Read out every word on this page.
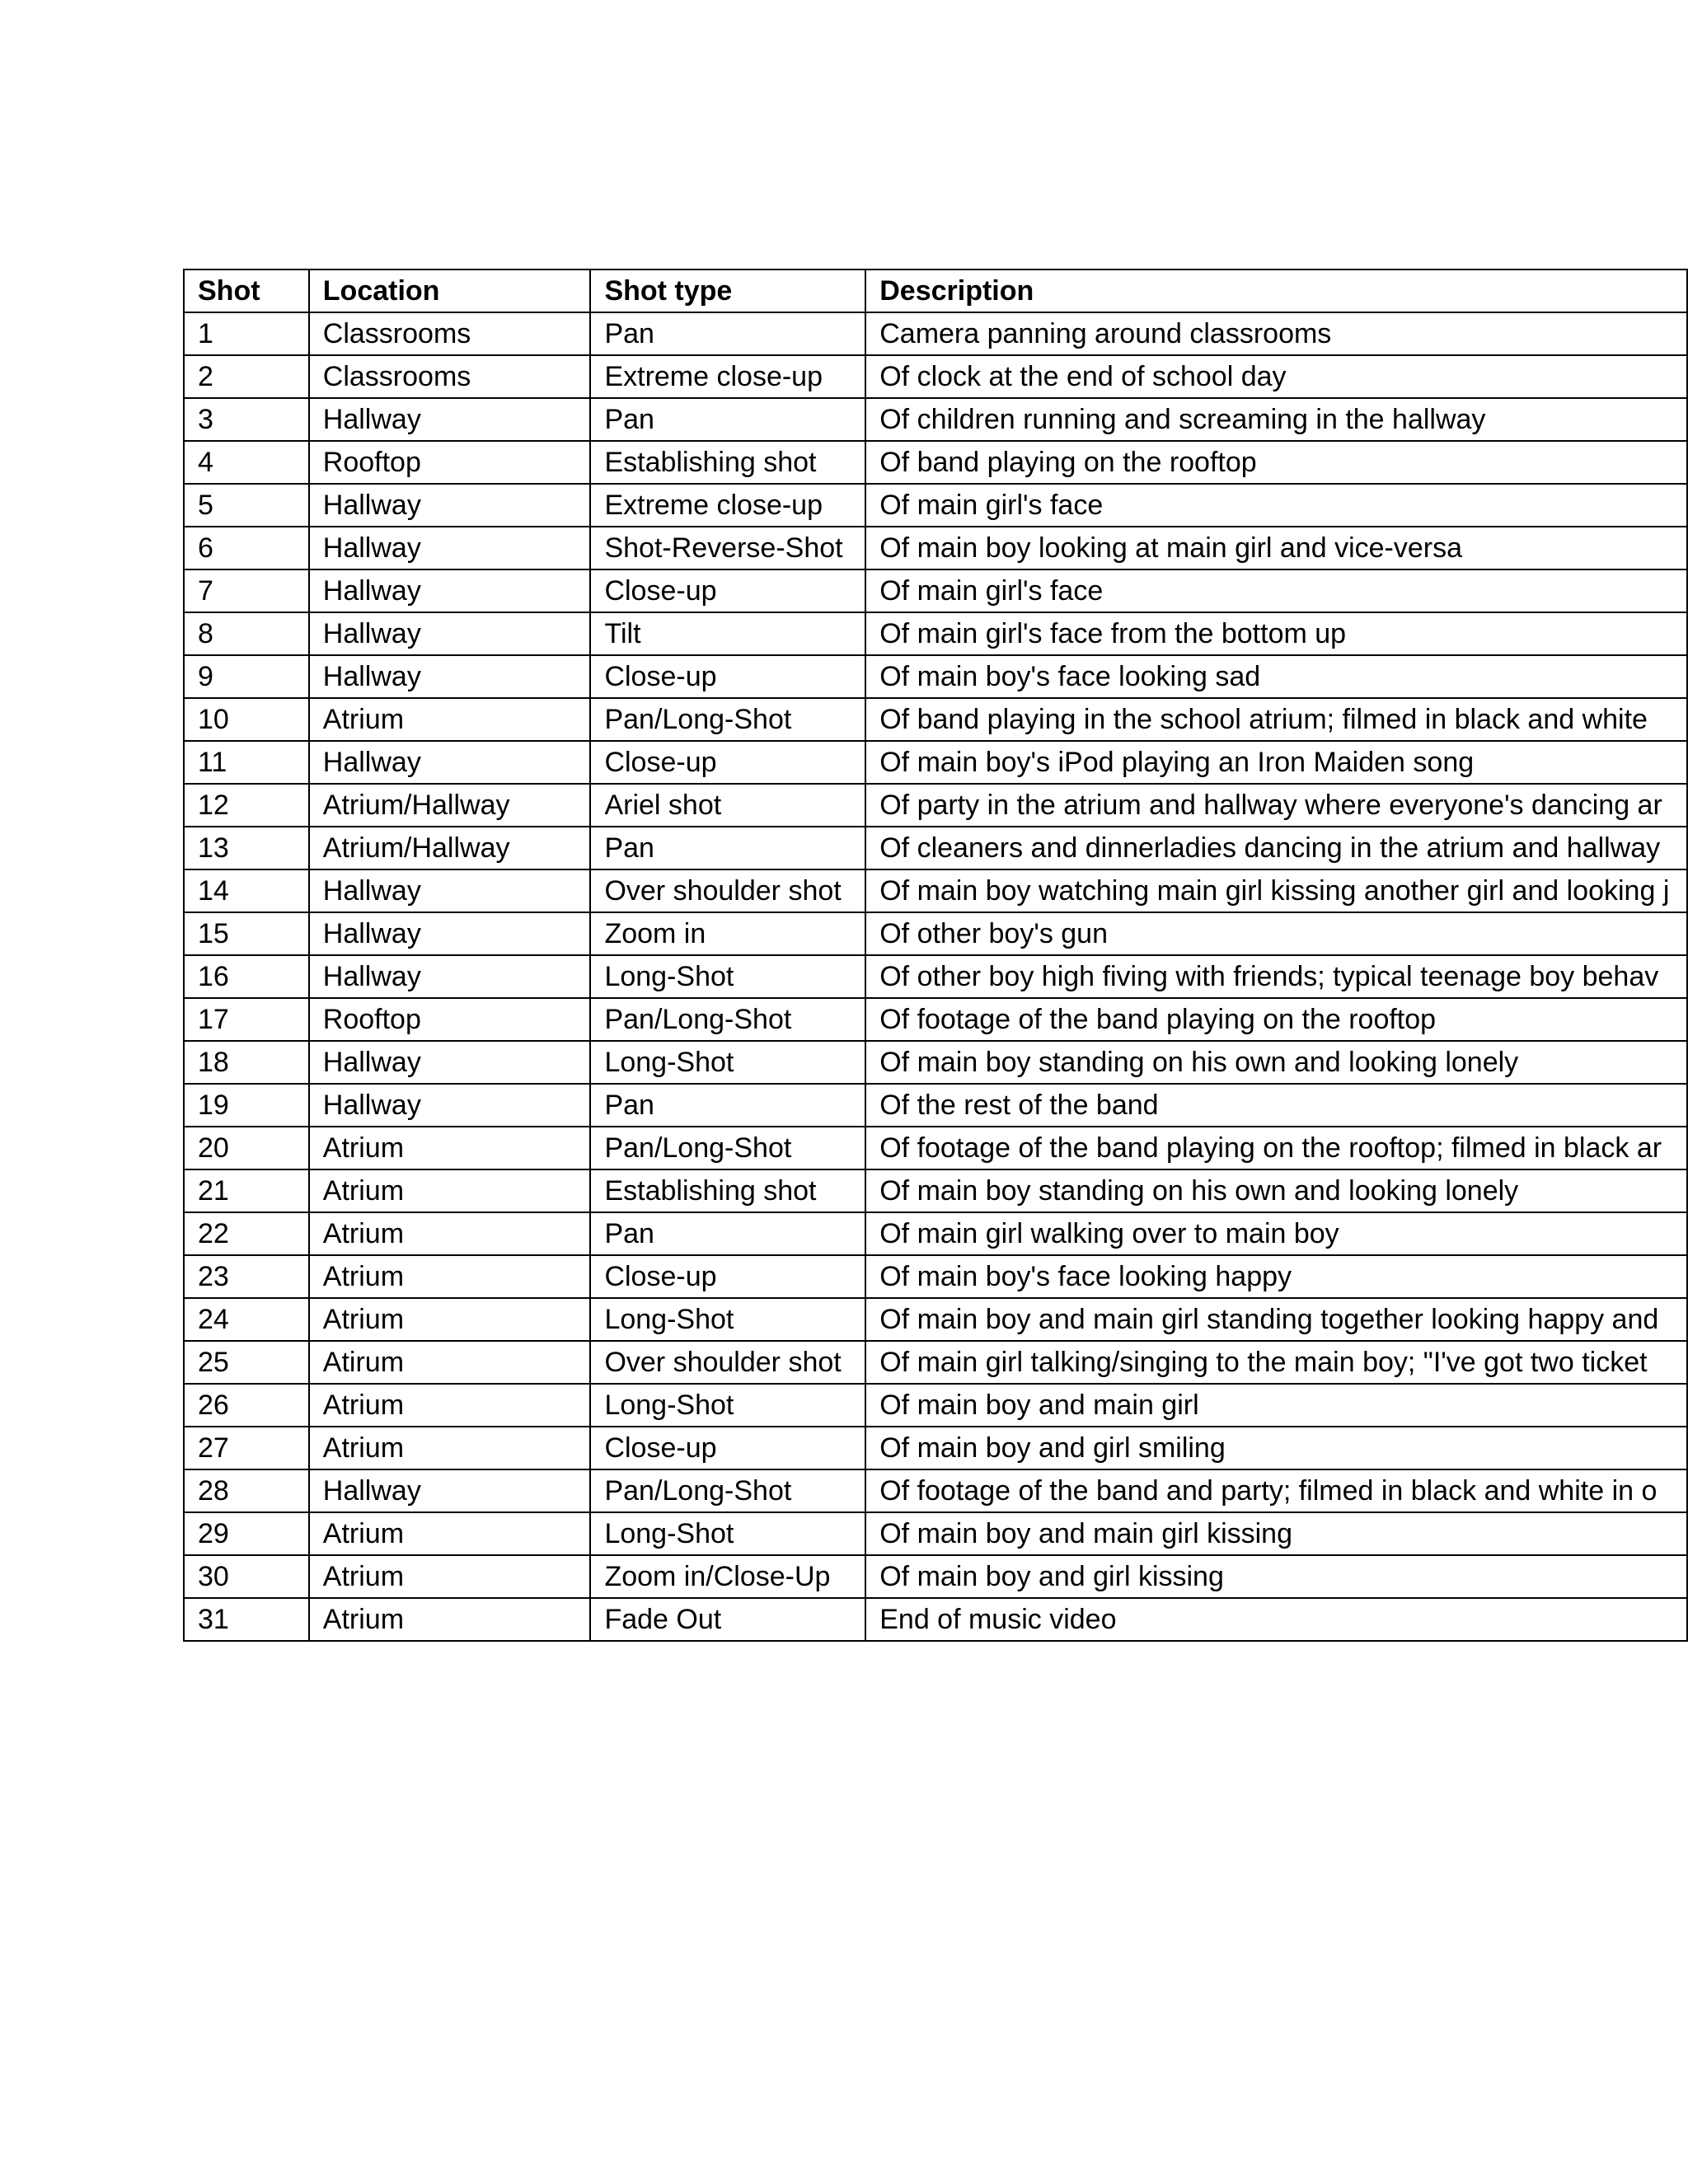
Shot	Location	Shot type	Description
1	Classrooms	Pan	Camera panning around classrooms
2	Classrooms	Extreme close-up	Of clock at the end of school day
3	Hallway	Pan	Of children running and screaming in the hallway
4	Rooftop	Establishing shot	Of band playing on the rooftop
5	Hallway	Extreme close-up	Of main girl's face
6	Hallway	Shot-Reverse-Shot	Of main boy looking at main girl and vice-versa
7	Hallway	Close-up	Of main girl's face
8	Hallway	Tilt	Of main girl's face from the bottom up
9	Hallway	Close-up	Of main boy's face looking sad
10	Atrium	Pan/Long-Shot	Of band playing in the school atrium; filmed in black and white
11	Hallway	Close-up	Of main boy's iPod playing an Iron Maiden song
12	Atrium/Hallway	Ariel shot	Of party in the atrium and hallway where everyone's dancing ar
13	Atrium/Hallway	Pan	Of cleaners and dinnerladies dancing in the atrium and hallway
14	Hallway	Over shoulder shot	Of main boy watching main girl kissing another girl and looking j
15	Hallway	Zoom in	Of other boy's gun
16	Hallway	Long-Shot	Of other boy high fiving with friends; typical teenage boy behav
17	Rooftop	Pan/Long-Shot	Of footage of the band playing on the rooftop
18	Hallway	Long-Shot	Of main boy standing on his own and looking lonely
19	Hallway	Pan	Of the rest of the band
20	Atrium	Pan/Long-Shot	Of footage of the band playing on the rooftop; filmed in black ar
21	Atrium	Establishing shot	Of main boy standing on his own and looking lonely
22	Atrium	Pan	Of main girl walking over to main boy
23	Atrium	Close-up	Of main boy's face looking happy
24	Atrium	Long-Shot	Of main boy and main girl standing together looking happy and
25	Atirum	Over shoulder shot	Of main girl talking/singing to the main boy; "I've got two ticket
26	Atrium	Long-Shot	Of main boy and main girl
27	Atrium	Close-up	Of main boy and girl smiling
28	Hallway	Pan/Long-Shot	Of footage of the band and party; filmed in black and white in o
29	Atrium	Long-Shot	Of main boy and main girl kissing
30	Atrium	Zoom in/Close-Up	Of main boy and girl kissing
31	Atrium	Fade Out	End of music video
